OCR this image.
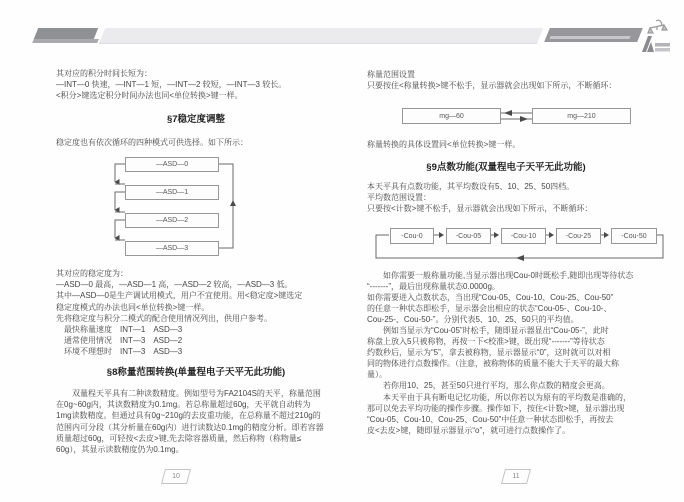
其对应的积分时间长短为：
—INT—0 快速，—INT—1 短，—INT—2 较短，—INT—3 较长。
<积分>键选定积分时间办法也同<单位转换>键一样。
§7稳定度调整
稳定度也有依次循环的四种模式可供选择。如下所示：
—ASD—0
—ASD—1
—ASD—2
—ASD—3
其对应的稳定度为：
—ASD—0 最高，—ASD—1 高，—ASD—2 较高，—ASD—3 低。
其中—ASD—0是生产调试用模式，用户不宜使用。用<稳定度>键选定
稳定度模式的办法也同<单位转换>键一样。
先将稳定度与积分二模式的配合使用情况列出，供用户参考。
　最快称量速度　INT—1　ASD—3
　通常使用情况　INT—3　ASD—2
　环境不理想时　INT—3　ASD—3
§8称量范围转换(单量程电子天平无此功能)
　　双量程天平具有二种读数精度。例如型号为FA2104S的天平，称量范围
在0g~60g内，其读数精度为0.1mg。若总称量超过60g，天平就自动转为
1mg读数精度。但通过具有0g~210g的去皮重功能，在总称量不超过210g的
范围内可分段（其分析量在60g内）进行读数达0.1mg的精度分析。即若容器
质量超过60g，可轻按<去皮>键,先去除容器质量，然后称物（称物量≤
60g），其显示读数精度仍为0.1mg。
10
称量范围设置
只要按住<称量转换>键不松手，显示器就会出现如下所示，不断循环：
mg—60	mg—210
称量转换的具体设置同<单位转换>键一样。
§9点数功能(双量程电子天平无此功能)
本天平具有点数功能，其平均数设有5、10、25、50四档。
平均数范围设置：
只要按<计数>键不松手，显示器就会出现如下所示，不断循环：
-Cou-0	-Cou-05	-Cou-10	-Cou-25	-Cou-50
　　如你需要一般称量功能,当显示器出现Cou-0时既松手,随即出现等待状态
“-------”，最后出现称量状态0.0000g。
如你需要进入点数状态，当出现“Cou-05、Cou-10、Cou-25、Cou-50”
的任意一种状态即松手，显示器会出相应的状态“Cou-05-、Cou-10-、
Cou-25-、Cou-50-”。分别代表5、10、25、50只的平均值。
　　例如当显示为“Cou-05”时松手，随即显示器显出“Cou-05-”，此时
称盘上放入5只被称物，再按一下<校准>键，既出现“-------”等待状态
约数秒后，显示为“5”，拿去被称物，显示器显示“0”，这时就可以对相
同的物体进行点数操作。（注意，被称物体的质量不能大于天平的最大称
量）。
　　若你用10、25，甚至50只进行平均，那么你点数的精度会更高。
　　本天平由于具有断电记忆功能，所以你若以为原有的平均数是准确的，
那可以免去平均功能的操作步骤。操作如下，按住<计数>键，显示器出现
“Cou-05、Cou-10、Cou-25、Cou-50”中任意一种状态即松手，再按去
皮<去皮>键，随即显示器显示“o”，就可进行点数操作了。
11
